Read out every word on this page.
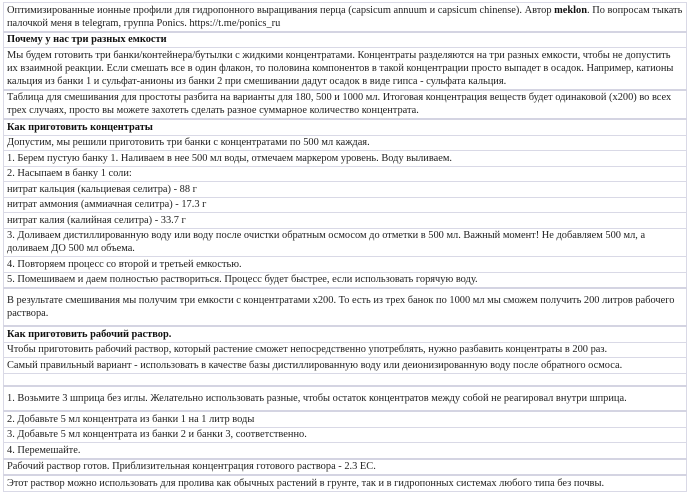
Оптимизированные ионные профили для гидропонного выращивания перца (capsicum annuum и capsicum chinense). Автор meklon. По вопросам тыкать палочкой меня в telegram, группа Ponics. https://t.me/ponics_ru
Почему у нас три разных емкости
Мы будем готовить три банки/контейнера/бутылки с жидкими концентратами. Концентраты разделяются на три разных емкости, чтобы не допустить их взаимной реакции. Если смешать все в один флакон, то половина компонентов в такой концентрации просто выпадет в осадок. Например, катионы кальция из банки 1 и сульфат-анионы из банки 2 при смешивании дадут осадок в виде гипса - сульфата кальция.
Таблица для смешивания для простоты разбита на варианты для 180, 500 и 1000 мл. Итоговая концентрация веществ будет одинаковой (x200) во всех трех случаях, просто вы можете захотеть сделать разное суммарное количество концентрата.
Как приготовить концентраты
Допустим, мы решили приготовить три банки с концентратами по 500 мл каждая.
1. Берем пустую банку 1. Наливаем в нее 500 мл воды, отмечаем маркером уровень. Воду выливаем.
2. Насыпаем в банку 1 соли:
нитрат кальция (кальциевая селитра) - 88 г
нитрат аммония (аммиачная селитра) - 17.3 г
нитрат калия (калийная селитра) - 33.7 г
3. Доливаем дистиллированную воду или воду после очистки обратным осмосом до отметки в 500 мл. Важный момент! Не добавляем 500 мл, а доливаем ДО 500 мл объема.
4. Повторяем процесс со второй и третьей емкостью.
5. Помешиваем и даем полностью раствориться. Процесс будет быстрее, если использовать горячую воду.
В результате смешивания мы получим три емкости с концентратами x200. То есть из трех банок по 1000 мл мы сможем получить 200 литров рабочего раствора.
Как приготовить рабочий раствор.
Чтобы приготовить рабочий раствор, который растение сможет непосредственно употреблять, нужно разбавить концентраты в 200 раз.
Самый правильный вариант - использовать в качестве базы дистиллированную воду или деионизированную воду после обратного осмоса.

1. Возьмите 3 шприца без иглы. Желательно использовать разные, чтобы остаток концентратов между собой не реагировал внутри шприца.
2. Добавьте 5 мл концентрата из банки 1 на 1 литр воды
3. Добавьте 5 мл концентрата из банки 2 и банки 3, соответственно.
4. Перемешайте.
Рабочий раствор готов. Приблизительная концентрация готового раствора - 2.3 EC.
Этот раствор можно использовать для пролива как обычных растений в грунте, так и в гидропонных системах любого типа без почвы.
